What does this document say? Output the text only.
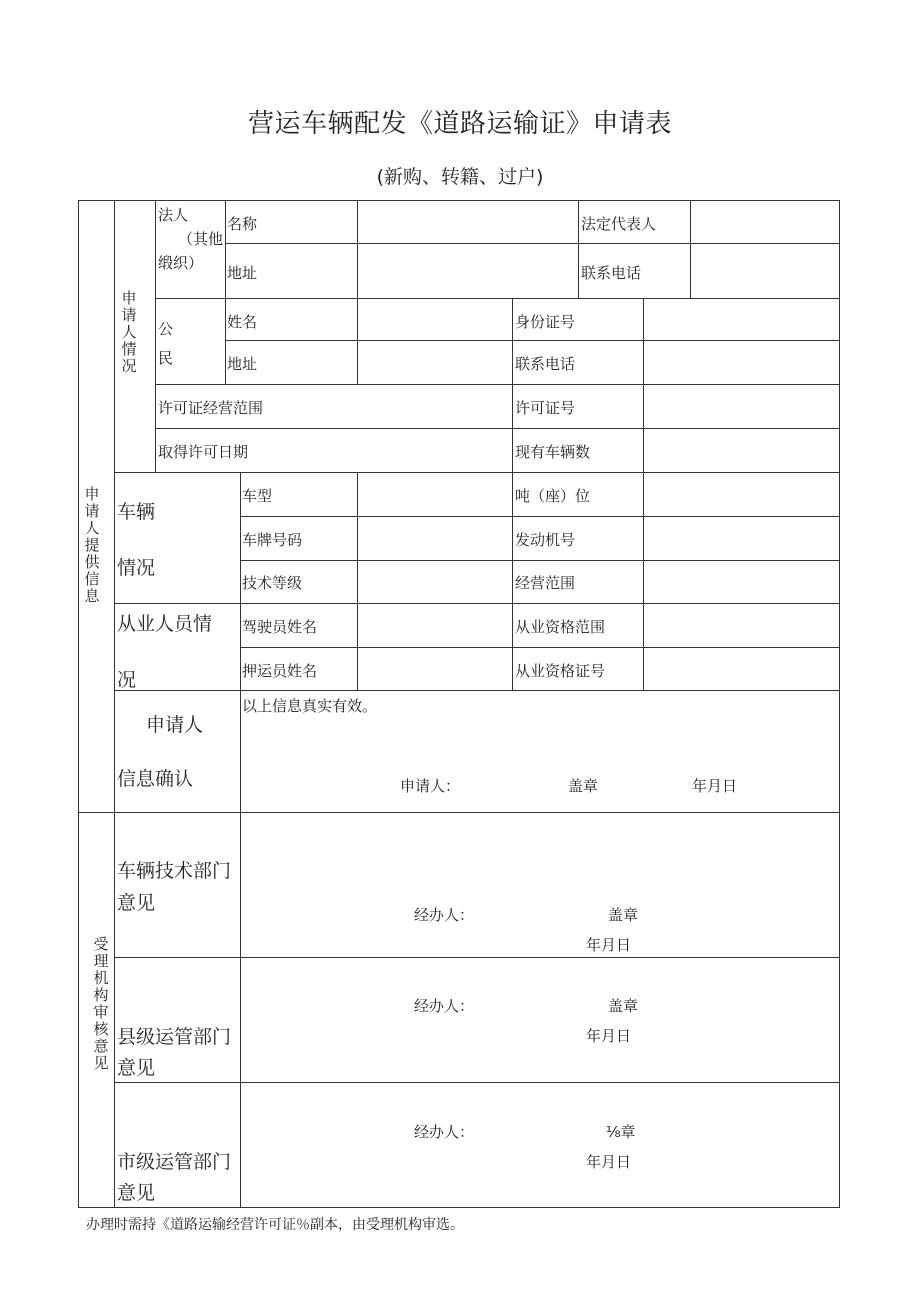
营运车辆配发《道路运输证》申请表
(新购、转籍、过户)
申请人提供信息
申请人情况
受理机构审核意见
法人
（其他
缎织）
名称	法定代表人
地址	联系电话
公
民
姓名	身份证号
地址	联系电话
许可证经营范围	许可证号
取得许可日期	现有车辆数
车辆
情况
车型	吨（座）位
车牌号码	发动机号
技术等级	经营范围
从业人员情
况
驾驶员姓名	从业资格范围
押运员姓名	从业资格证号
申请人
信息确认
以上信息真实有效。
申请人：	盖章	年月日
车辆技术部门
意见
经办人：	盖章
年月日
县级运管部门
意见
经办人：	盖章
年月日
市级运管部门
意见
经办人：	⅛章
年月日
办理时需持《道路运输经营许可证％副本，由受理机构审选。
